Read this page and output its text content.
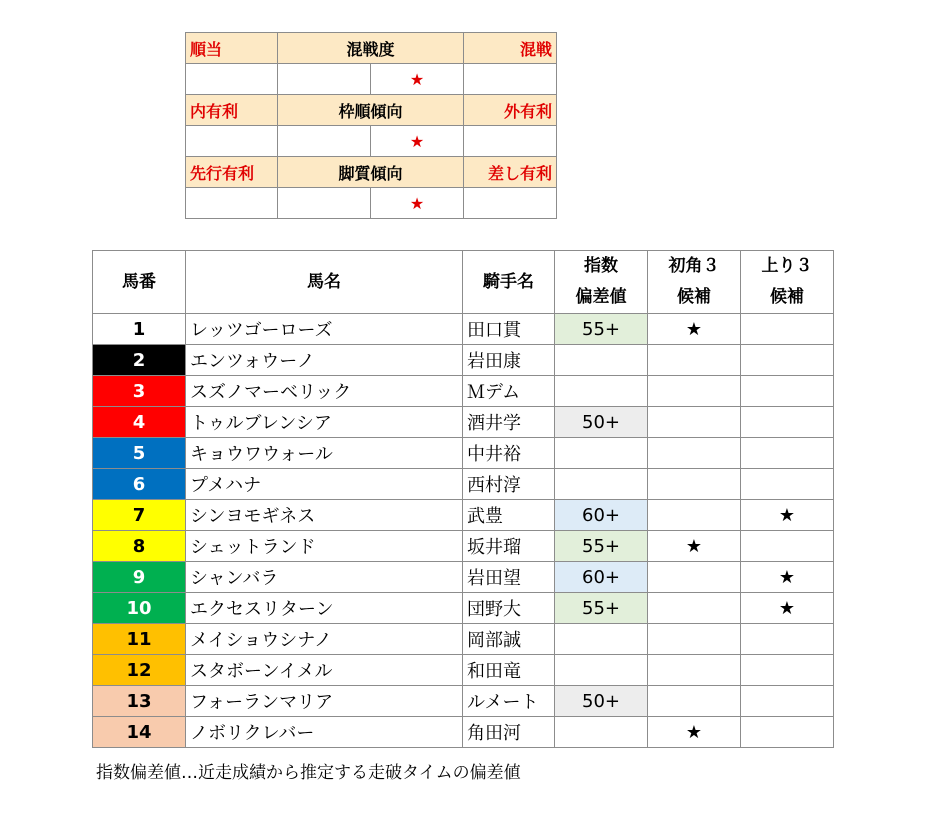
順当	混戦度		混戦
		★	
内有利	枠順傾向		外有利
		★	
先行有利	脚質傾向		差し有利
		★	
馬番	馬名	騎手名	指数	初角３	上り３
			偏差値	候補	候補
1	レッツゴーローズ	田口貫	55+	★	
2	エンツォウーノ	岩田康			
3	スズノマーベリック	Ｍデム			
4	トゥルブレンシア	酒井学	50+		
5	キョウワウォール	中井裕			
6	プメハナ	西村淳			
7	シンヨモギネス	武豊	60+		★
8	シェットランド	坂井瑠	55+	★	
9	シャンバラ	岩田望	60+		★
10	エクセスリターン	団野大	55+		★
11	メイショウシナノ	岡部誠			
12	スタボーンイメル	和田竜			
13	フォーランマリア	ルメート	50+		
14	ノボリクレバー	角田河		★	
指数偏差値…近走成績から推定する走破タイムの偏差値
